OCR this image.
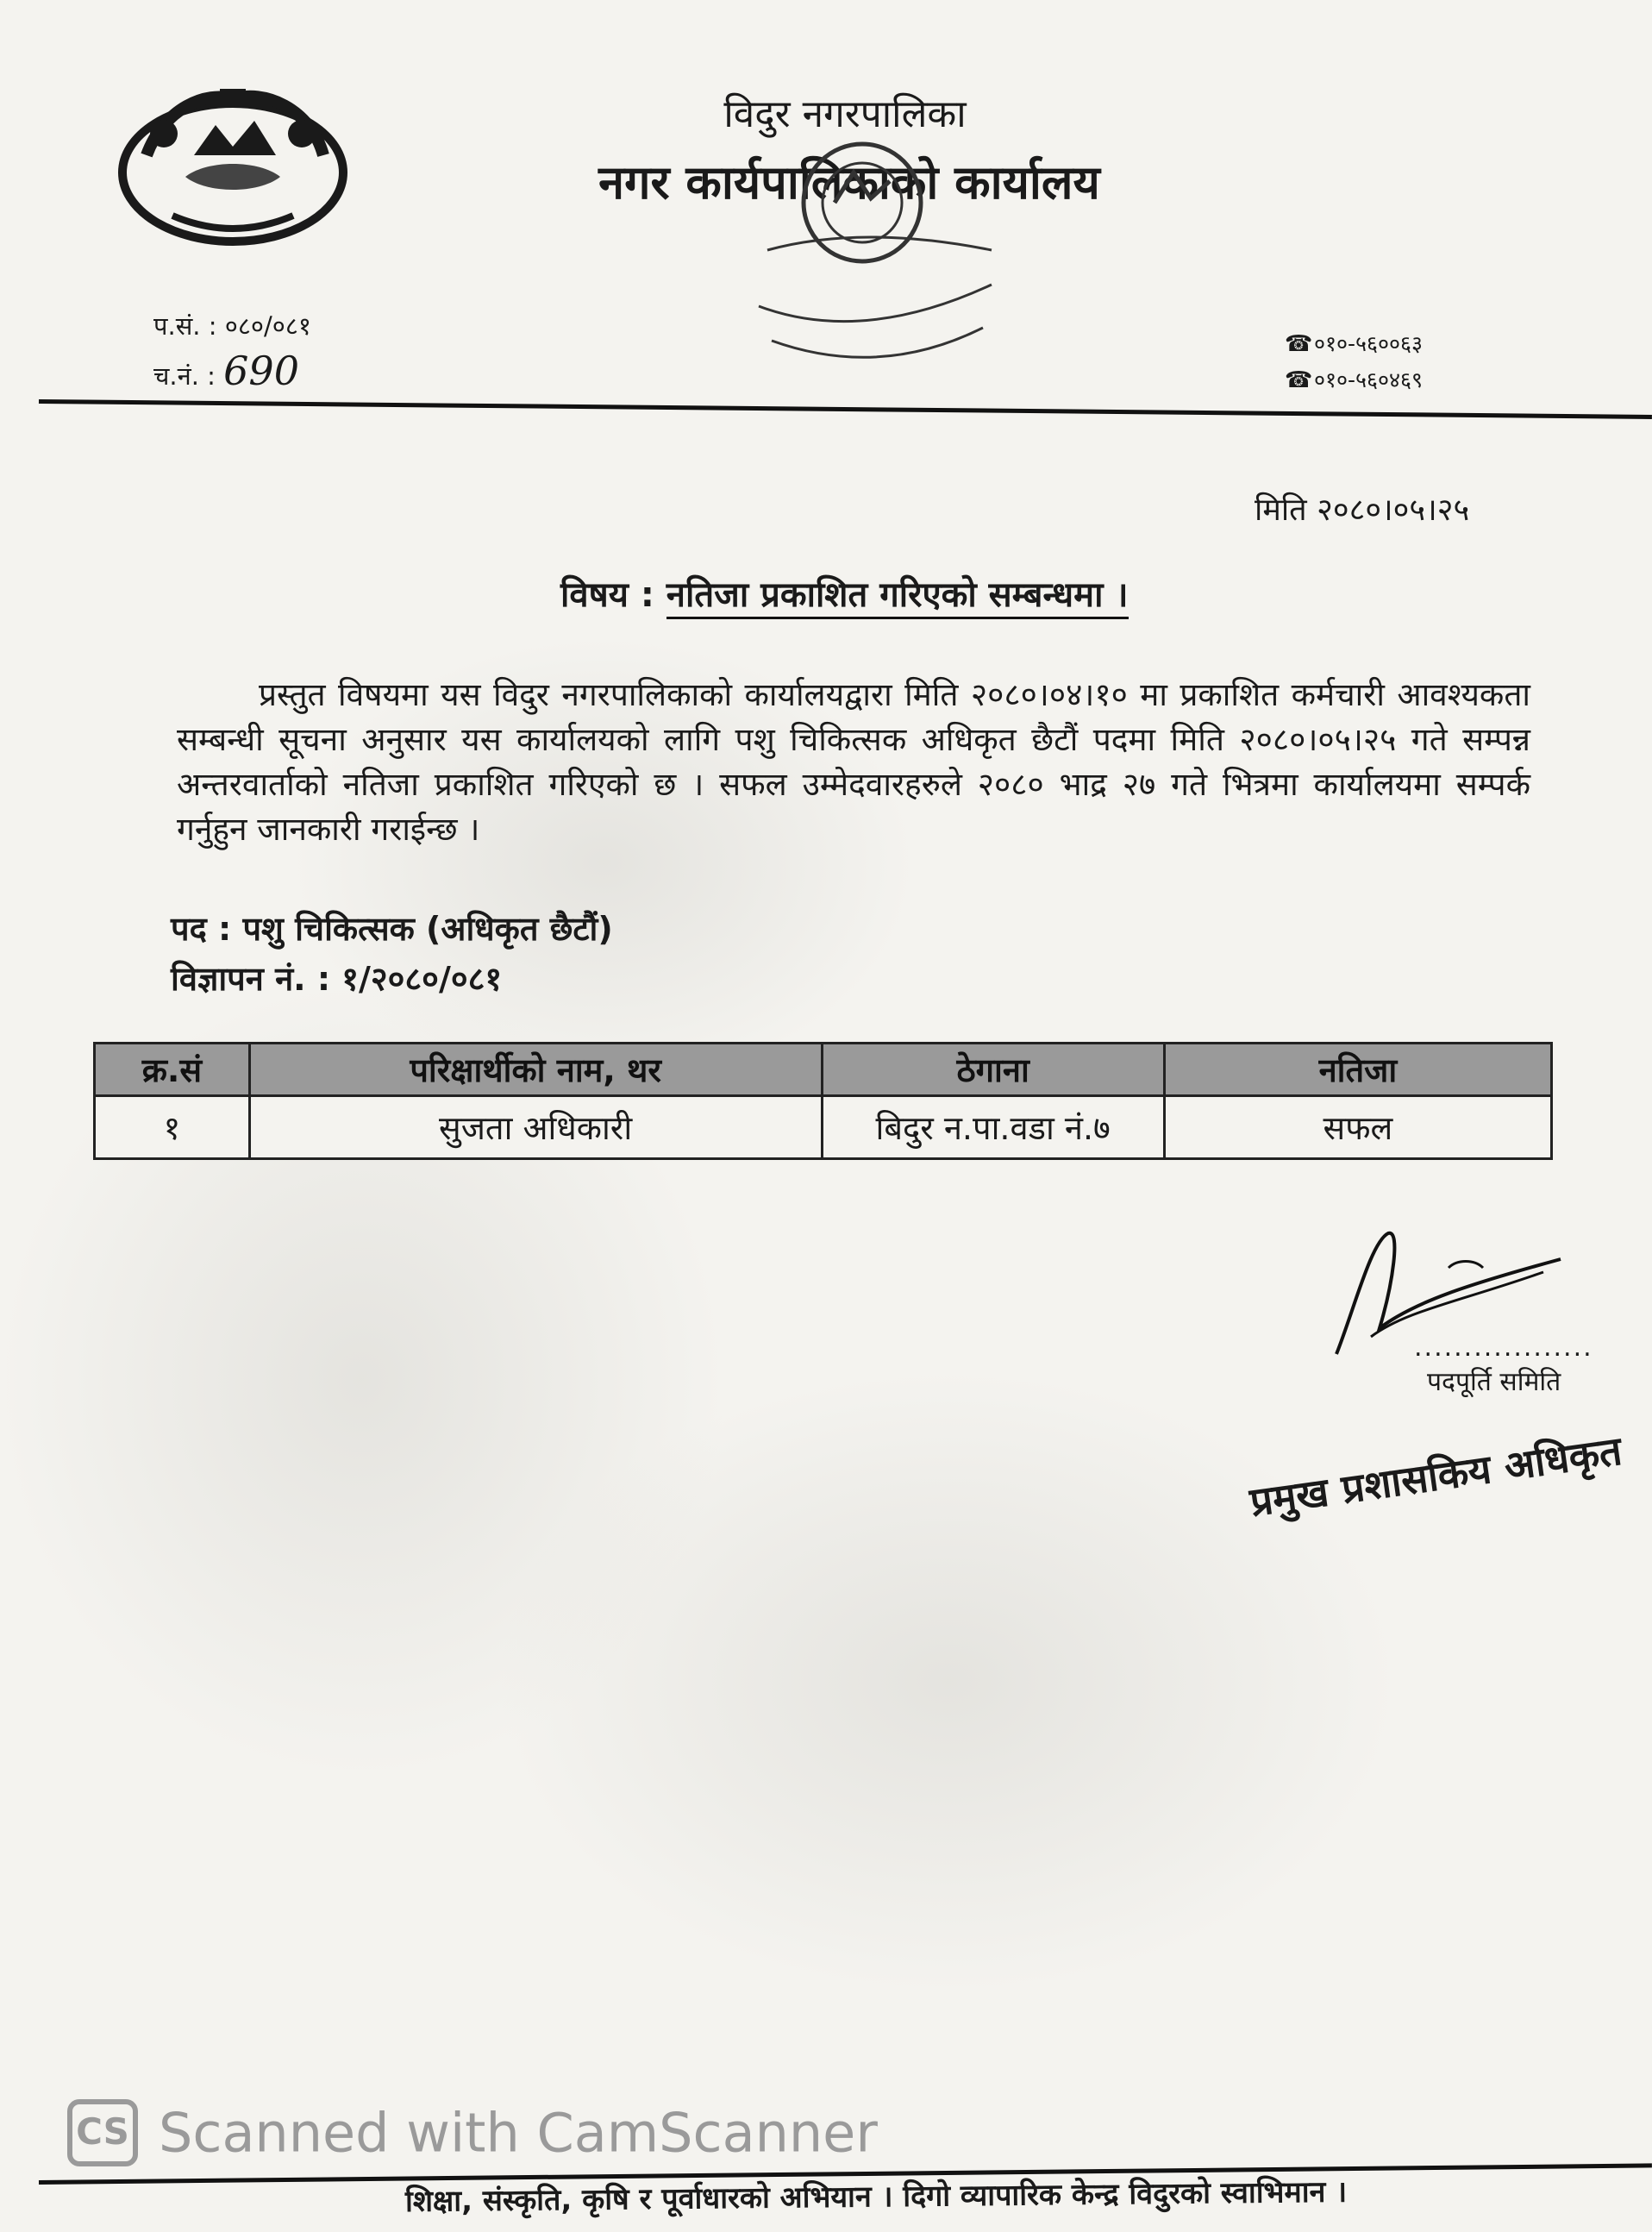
विदुर नगरपालिका
नगर कार्यपालिकाको कार्यालय
प.सं. : ०८०/०८१
च.नं. : 690
☎०१०-५६००६३
☎०१०-५६०४६९
मिति २०८०।०५।२५
विषय : नतिजा प्रकाशित गरिएको सम्बन्धमा ।
प्रस्तुत विषयमा यस विदुर नगरपालिकाको कार्यालयद्वारा मिति २०८०।०४।१० मा प्रकाशित कर्मचारी आवश्यकता सम्बन्धी सूचना अनुसार यस कार्यालयको लागि पशु चिकित्सक अधिकृत छैटौं पदमा मिति २०८०।०५।२५ गते सम्पन्न अन्तरवार्ताको नतिजा प्रकाशित गरिएको छ । सफल उम्मेदवारहरुले २०८० भाद्र २७ गते भित्रमा कार्यालयमा सम्पर्क गर्नुहुन जानकारी गराईन्छ ।
पद : पशु चिकित्सक (अधिकृत छैटौं)
विज्ञापन नं. : १/२०८०/०८१
क्र.सं	परिक्षार्थीको नाम, थर	ठेगाना	नतिजा
१	सुजता अधिकारी	बिदुर न.पा.वडा नं.७	सफल
..................
पदपूर्ति समिति
प्रमुख प्रशासकिय अधिकृत
CS Scanned with CamScanner
शिक्षा, संस्कृति, कृषि र पूर्वाधारको अभियान । दिगो व्यापारिक केन्द्र विदुरको स्वाभिमान ।
